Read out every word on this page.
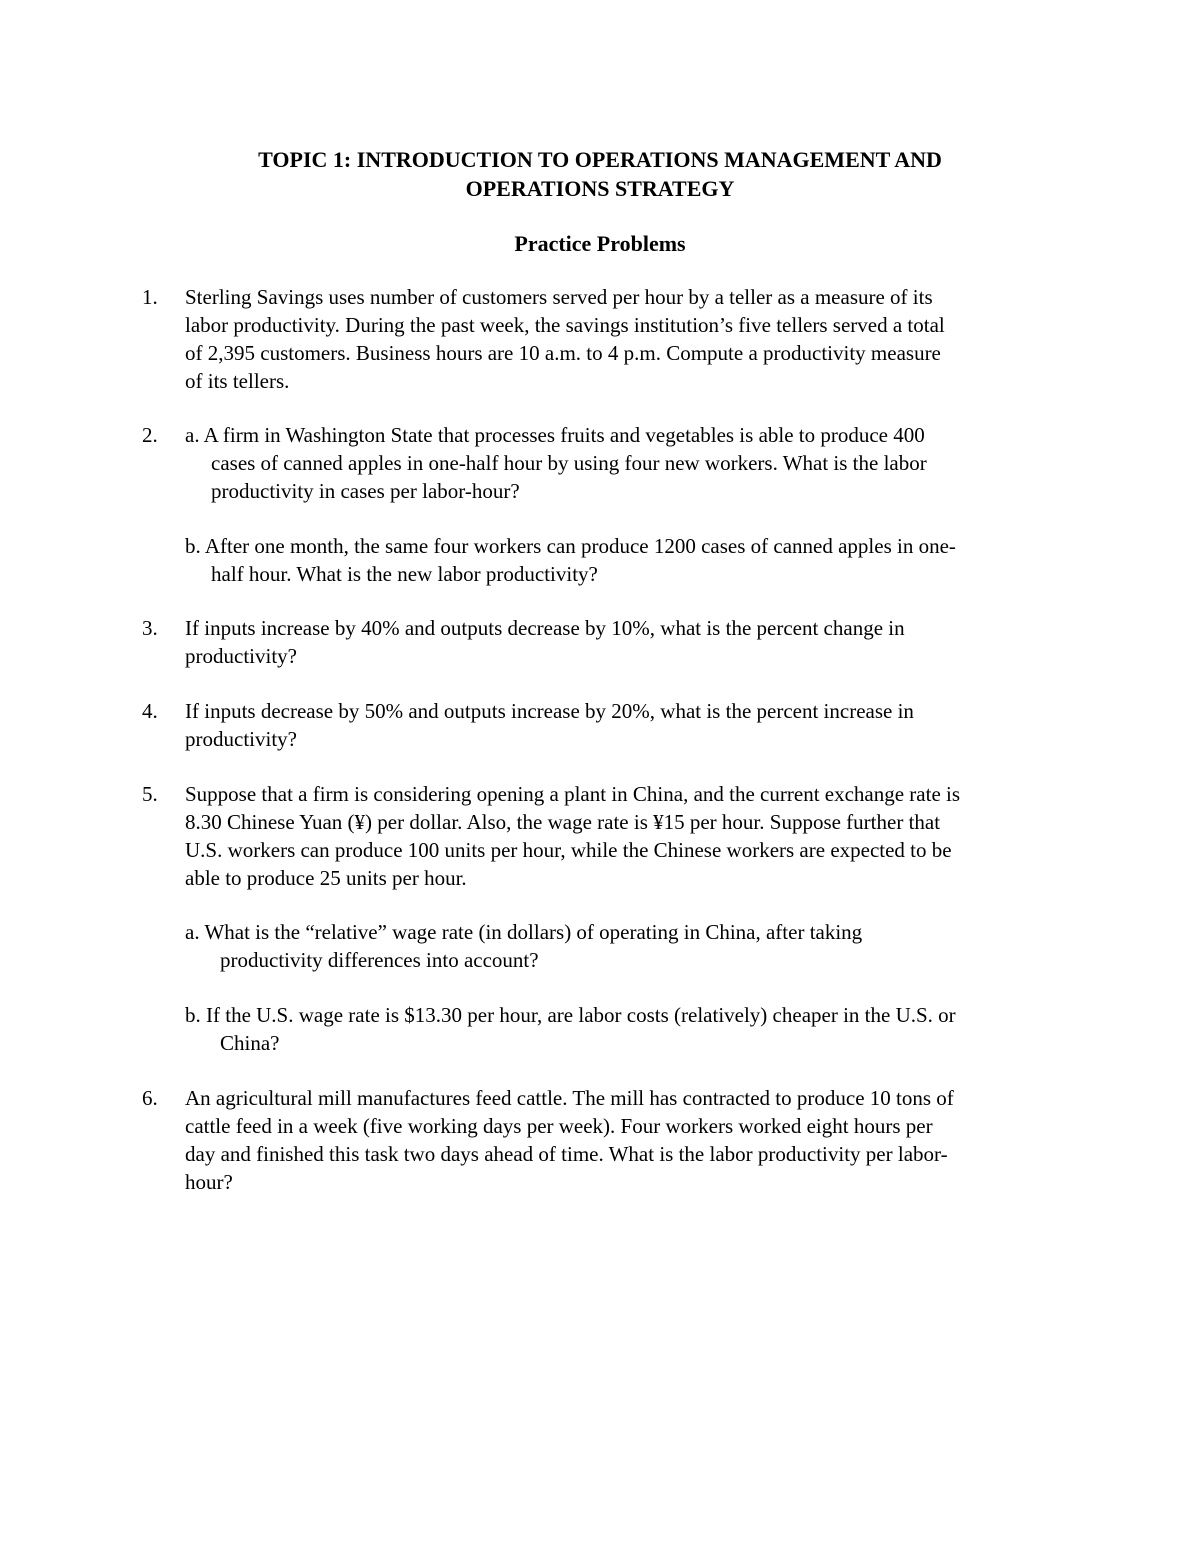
TOPIC 1: INTRODUCTION TO OPERATIONS MANAGEMENT AND
OPERATIONS STRATEGY
Practice Problems
1. Sterling Savings uses number of customers served per hour by a teller as a measure of its
labor productivity. During the past week, the savings institution’s five tellers served a total
of 2,395 customers. Business hours are 10 a.m. to 4 p.m. Compute a productivity measure
of its tellers.
2. a. A firm in Washington State that processes fruits and vegetables is able to produce 400
cases of canned apples in one-half hour by using four new workers. What is the labor
productivity in cases per labor-hour?
b. After one month, the same four workers can produce 1200 cases of canned apples in one-
half hour. What is the new labor productivity?
3. If inputs increase by 40% and outputs decrease by 10%, what is the percent change in
productivity?
4. If inputs decrease by 50% and outputs increase by 20%, what is the percent increase in
productivity?
5. Suppose that a firm is considering opening a plant in China, and the current exchange rate is
8.30 Chinese Yuan (¥) per dollar. Also, the wage rate is ¥15 per hour. Suppose further that
U.S. workers can produce 100 units per hour, while the Chinese workers are expected to be
able to produce 25 units per hour.
a. What is the “relative” wage rate (in dollars) of operating in China, after taking
productivity differences into account?
b. If the U.S. wage rate is $13.30 per hour, are labor costs (relatively) cheaper in the U.S. or
China?
6. An agricultural mill manufactures feed cattle. The mill has contracted to produce 10 tons of
cattle feed in a week (five working days per week). Four workers worked eight hours per
day and finished this task two days ahead of time. What is the labor productivity per labor-
hour?
